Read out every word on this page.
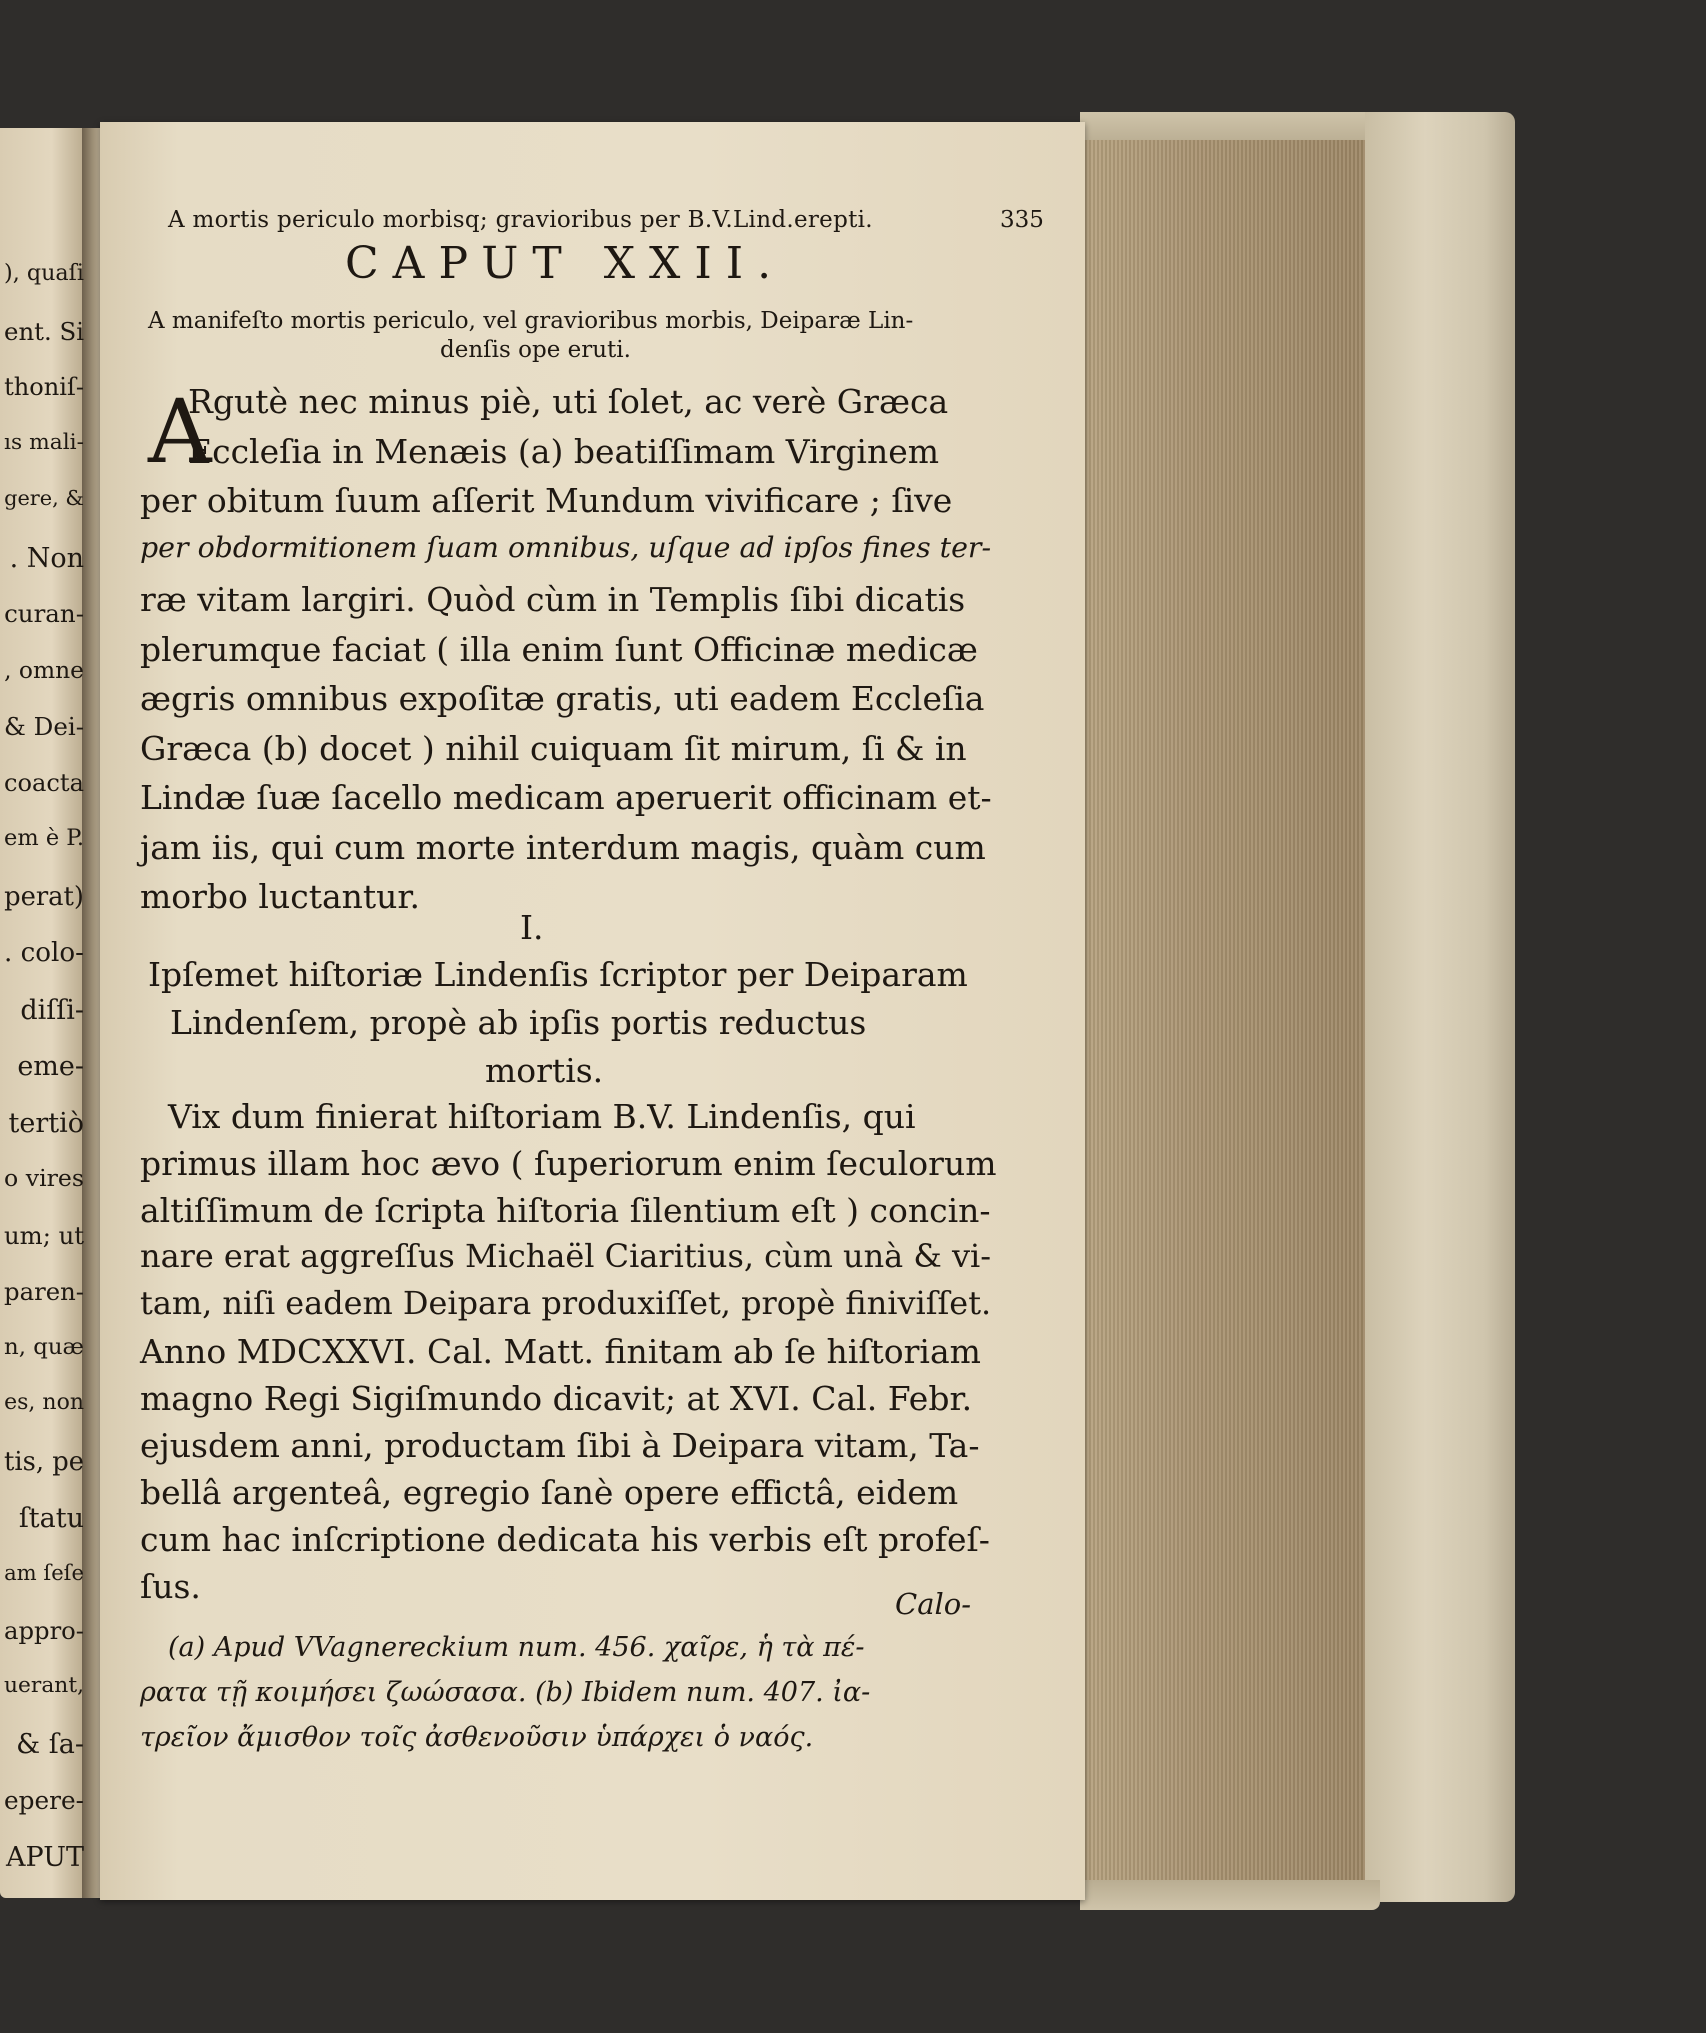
), quaſi
ent. Si
thoniſ-
ıs mali-
gere, &
. Non
curan-
, omne
& Dei-
coacta
em è P.
perat)
. colo-
diſſi-
eme-
tertiò
o vires
um; ut
paren-
n, quæ
es, non
tis, pe
ſtatu
am ſeſe
appro-
uerant,
& ſa-
epere-
APUT
A mortis periculo morbisq; gravioribus per B.V.Lind.erepti.	335
CAPUT XXII.
A manifeſto mortis periculo, vel gravioribus morbis, Deiparæ Lin-
denſis ope eruti.
A
Rgutè nec minus piè, uti ſolet, ac verè Græca
Eccleſia in Menæis (a) beatiſſimam Virginem
per obitum ſuum aſſerit Mundum vivificare ; ſive
per obdormitionem ſuam omnibus, uſque ad ipſos fines ter-
ræ vitam largiri. Quòd cùm in Templis ſibi dicatis
plerumque faciat ( illa enim ſunt Officinæ medicæ
ægris omnibus expoſitæ gratis, uti eadem Eccleſia
Græca (b) docet ) nihil cuiquam ſit mirum, ſi & in
Lindæ ſuæ ſacello medicam aperuerit officinam et-
jam iis, qui cum morte interdum magis, quàm cum
morbo luctantur.
I.
Ipſemet hiſtoriæ Lindenſis ſcriptor per Deiparam
Lindenſem, propè ab ipſis portis reductus
mortis.
Vix dum finierat hiſtoriam B.V. Lindenſis, qui
primus illam hoc ævo ( ſuperiorum enim ſeculorum
altiſſimum de ſcripta hiſtoria ſilentium eſt ) concin-
nare erat aggreſſus Michaël Ciaritius, cùm unà & vi-
tam, niſi eadem Deipara produxiſſet, propè finiviſſet.
Anno MDCXXVI. Cal. Matt. finitam ab ſe hiſtoriam
magno Regi Sigiſmundo dicavit; at XVI. Cal. Febr.
ejusdem anni, productam ſibi à Deipara vitam, Ta-
bellâ argenteâ, egregio ſanè opere effictâ, eidem
cum hac inſcriptione dedicata his verbis eſt profeſ-
ſus.	Calo-
(a) Apud VVagnereckium num. 456. χαῖρε, ἡ τὰ πέ-
ρατα τῇ κοιμήσει ζωώσασα. (b) Ibidem num. 407. ἰα-
τρεῖον ἄμισθον τοῖς ἀσθενοῦσιν ὑπάρχει ὁ ναός.
